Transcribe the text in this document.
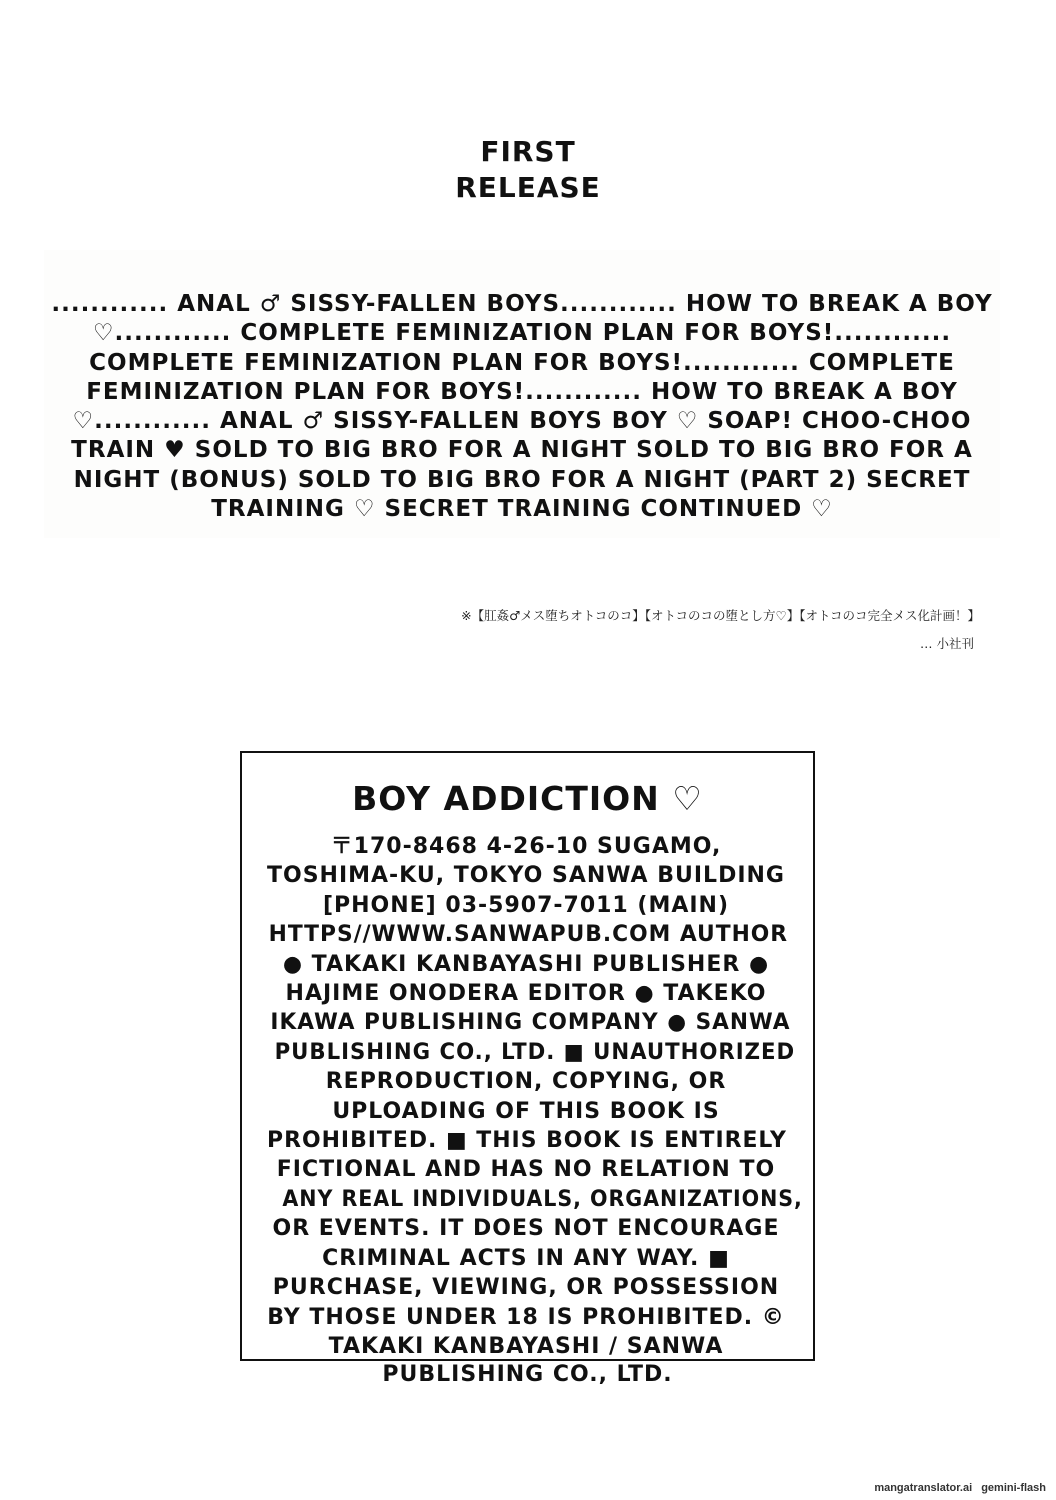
FIRST
RELEASE
............ ANAL ♂ SISSY-FALLEN BOYS............ HOW TO BREAK A BOY ♡............ COMPLETE FEMINIZATION PLAN FOR BOYS!............ COMPLETE FEMINIZATION PLAN FOR BOYS!............ COMPLETE FEMINIZATION PLAN FOR BOYS!............ HOW TO BREAK A BOY ♡............ ANAL ♂ SISSY-FALLEN BOYS BOY ♡ SOAP! CHOO-CHOO TRAIN ♥ SOLD TO BIG BRO FOR A NIGHT SOLD TO BIG BRO FOR A NIGHT (BONUS) SOLD TO BIG BRO FOR A NIGHT (PART 2) SECRET TRAINING ♡ SECRET TRAINING CONTINUED ♡
※【肛姦♂メス堕ちオトコのコ】【オトコのコの堕とし方♡】【オトコのコ完全メス化計画！】
… 小社刊
BOY ADDICTION ♡
〒170-8468 4-26-10 SUGAMO,
TOSHIMA-KU, TOKYO SANWA BUILDING
[PHONE] 03-5907-7011 (MAIN)
HTTPS//WWW.SANWAPUB.COM AUTHOR
● TAKAKI KANBAYASHI PUBLISHER ●
HAJIME ONODERA EDITOR ● TAKEKO
IKAWA PUBLISHING COMPANY ● SANWA
PUBLISHING CO., LTD. ■ UNAUTHORIZED
REPRODUCTION, COPYING, OR
UPLOADING OF THIS BOOK IS
PROHIBITED. ■ THIS BOOK IS ENTIRELY
FICTIONAL AND HAS NO RELATION TO
ANY REAL INDIVIDUALS, ORGANIZATIONS,
OR EVENTS. IT DOES NOT ENCOURAGE
CRIMINAL ACTS IN ANY WAY. ■
PURCHASE, VIEWING, OR POSSESSION
BY THOSE UNDER 18 IS PROHIBITED. ©
TAKAKI KANBAYASHI / SANWA
PUBLISHING CO., LTD.
mangatranslator.ai gemini-flash
